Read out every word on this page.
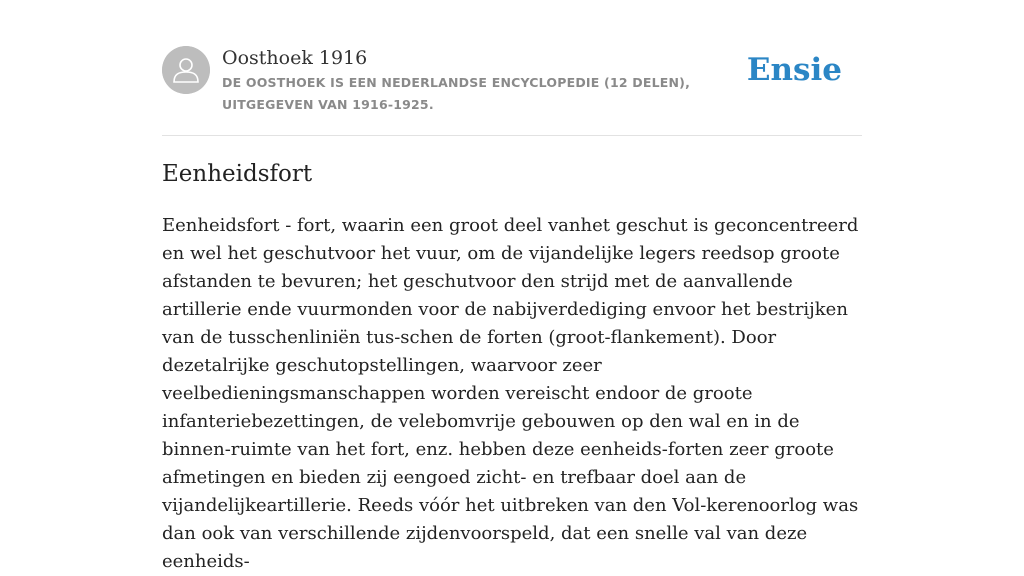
Oosthoek 1916
DE OOSTHOEK IS EEN NEDERLANDSE ENCYCLOPEDIE (12 DELEN), UITGEGEVEN VAN 1916-1925.
Ensie
Eenheidsfort

Eenheidsfort - fort, waarin een groot deel vanhet geschut is geconcentreerd en wel het geschutvoor het vuur, om de vijandelijke legers reedsop groote afstanden te bevuren; het geschutvoor den strijd met de aanvallende artillerie ende vuurmonden voor de nabijverdediging envoor het bestrijken van de tusschenliniën tus-schen de forten (groot-flankement). Door dezetalrijke geschutopstellingen, waarvoor zeer veelbedieningsmanschappen worden vereischt endoor de groote infanteriebezettingen, de velebomvrije gebouwen op den wal en in de binnen-ruimte van het fort, enz. hebben deze eenheids-forten zeer groote afmetingen en bieden zij eengoed zicht- en trefbaar doel aan de vijandelijkeartillerie. Reeds vóór het uitbreken van den Vol-kerenoorlog was dan ook van verschillende zijdenvoorspeld, dat een snelle val van deze eenheids-
